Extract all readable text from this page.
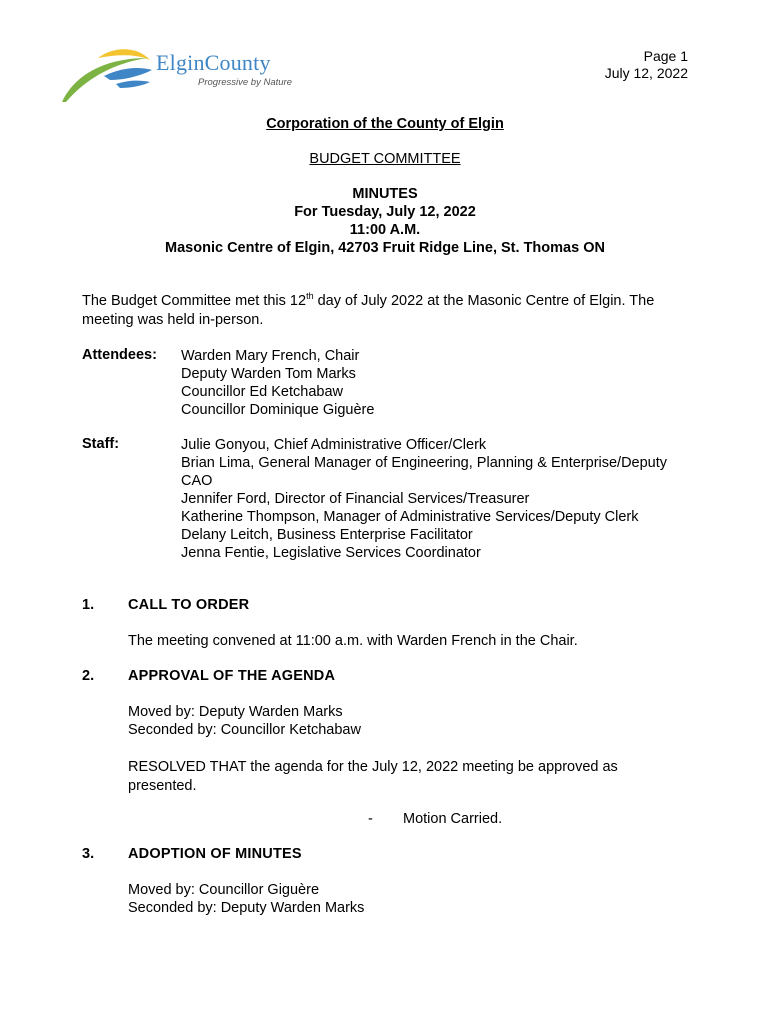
ElginCounty
Progressive by Nature
Page 1
July 12, 2022
Corporation of the County of Elgin
BUDGET COMMITTEE
MINUTES
For Tuesday, July 12, 2022
11:00 A.M.
Masonic Centre of Elgin, 42703 Fruit Ridge Line, St. Thomas ON
The Budget Committee met this 12th day of July 2022 at the Masonic Centre of Elgin. The meeting was held in-person.
Attendees: Warden Mary French, Chair
Deputy Warden Tom Marks
Councillor Ed Ketchabaw
Councillor Dominique Giguère
Staff:	Julie Gonyou, Chief Administrative Officer/Clerk
Brian Lima, General Manager of Engineering, Planning & Enterprise/Deputy
CAO
Jennifer Ford, Director of Financial Services/Treasurer
Katherine Thompson, Manager of Administrative Services/Deputy Clerk
Delany Leitch, Business Enterprise Facilitator
Jenna Fentie, Legislative Services Coordinator
1. CALL TO ORDER
The meeting convened at 11:00 a.m. with Warden French in the Chair.
2. APPROVAL OF THE AGENDA
Moved by: Deputy Warden Marks
Seconded by: Councillor Ketchabaw
RESOLVED THAT the agenda for the July 12, 2022 meeting be approved as presented.
- Motion Carried.
3. ADOPTION OF MINUTES
Moved by: Councillor Giguère
Seconded by: Deputy Warden Marks
